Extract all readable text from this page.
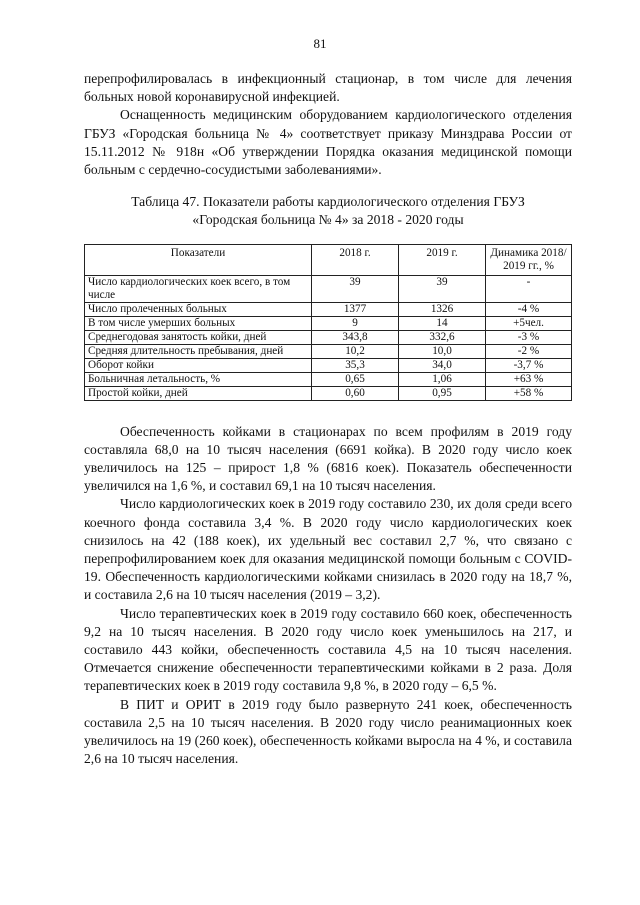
81

перепрофилировалась в инфекционный стационар, в том числе для лечения больных новой коронавирусной инфекцией.

Оснащенность медицинским оборудованием кардиологического отделения ГБУЗ «Городская больница № 4» соответствует приказу Минздрава России от 15.11.2012 № 918н «Об утверждении Порядка оказания медицинской помощи больным с сердечно-сосудистыми заболеваниями».

Таблица 47. Показатели работы кардиологического отделения ГБУЗ
«Городская больница № 4» за 2018 - 2020 годы
Показатели	2018 г.	2019 г.	Динамика 2018/ 2019 гг., %
Число кардиологических коек всего, в том числе	39	39	-
Число пролеченных больных	1377	1326	-4 %
В том числе умерших больных	9	14	+5чел.
Среднегодовая занятость койки, дней	343,8	332,6	-3 %
Средняя длительность пребывания, дней	10,2	10,0	-2 %
Оборот койки	35,3	34,0	-3,7 %
Больничная летальность, %	0,65	1,06	+63 %
Простой койки, дней	0,60	0,95	+58 %

Обеспеченность койками в стационарах по всем профилям в 2019 году составляла 68,0 на 10 тысяч населения (6691 койка). В 2020 году число коек увеличилось на 125 – прирост 1,8 % (6816 коек). Показатель обеспеченности увеличился на 1,6 %, и составил 69,1 на 10 тысяч населения.

Число кардиологических коек в 2019 году составило 230, их доля среди всего коечного фонда составила 3,4 %. В 2020 году число кардиологических коек снизилось на 42 (188 коек), их удельный вес составил 2,7 %, что связано с перепрофилированием коек для оказания медицинской помощи больным с COVID-19. Обеспеченность кардиологическими койками снизилась в 2020 году на 18,7 %, и составила 2,6 на 10 тысяч населения (2019 – 3,2).

Число терапевтических коек в 2019 году составило 660 коек, обеспеченность 9,2 на 10 тысяч населения. В 2020 году число коек уменьшилось на 217, и составило 443 койки, обеспеченность составила 4,5 на 10 тысяч населения. Отмечается снижение обеспеченности терапевтическими койками в 2 раза. Доля терапевтических коек в 2019 году составила 9,8 %, в 2020 году – 6,5 %.

В ПИТ и ОРИТ в 2019 году было развернуто 241 коек, обеспеченность составила 2,5 на 10 тысяч населения. В 2020 году число реанимационных коек увеличилось на 19 (260 коек), обеспеченность койками выросла на 4 %, и составила 2,6 на 10 тысяч населения.
